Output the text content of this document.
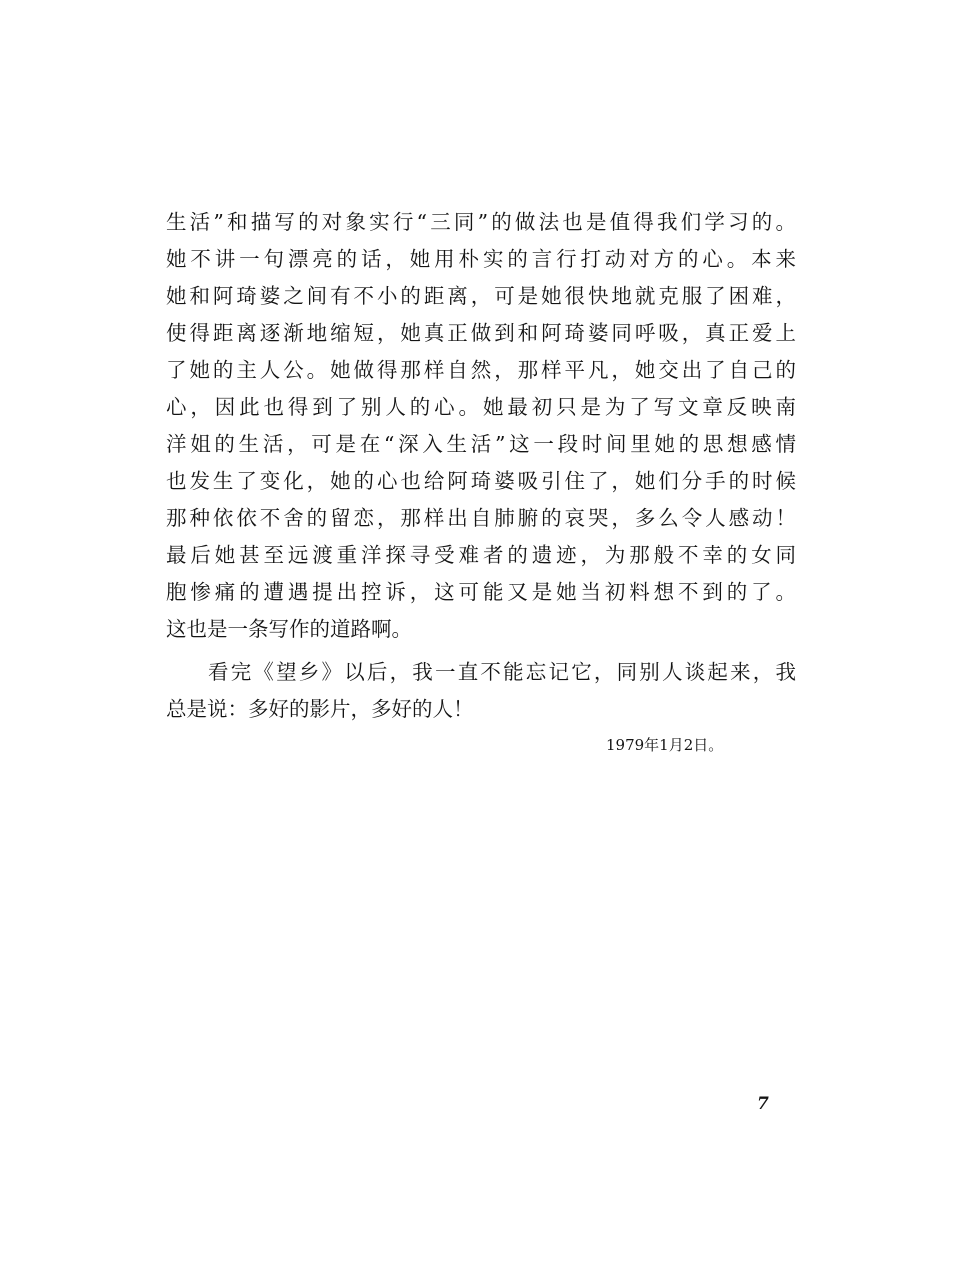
生活”和描写的对象实行“三同”的做法也是值得我们学习的。
她不讲一句漂亮的话，她用朴实的言行打动对方的心。本来
她和阿琦婆之间有不小的距离，可是她很快地就克服了困难，
使得距离逐渐地缩短，她真正做到和阿琦婆同呼吸，真正爱上
了她的主人公。她做得那样自然，那样平凡，她交出了自己的
心，因此也得到了别人的心。她最初只是为了写文章反映南
洋姐的生活，可是在“深入生活”这一段时间里她的思想感情
也发生了变化，她的心也给阿琦婆吸引住了，她们分手的时候
那种依依不舍的留恋，那样出自肺腑的哀哭，多么令人感动！
最后她甚至远渡重洋探寻受难者的遗迹，为那般不幸的女同
胞惨痛的遭遇提出控诉，这可能又是她当初料想不到的了。
这也是一条写作的道路啊。
看完《望乡》以后，我一直不能忘记它，同别人谈起来，我
总是说：多好的影片，多好的人！
1979年1月2日。
7
